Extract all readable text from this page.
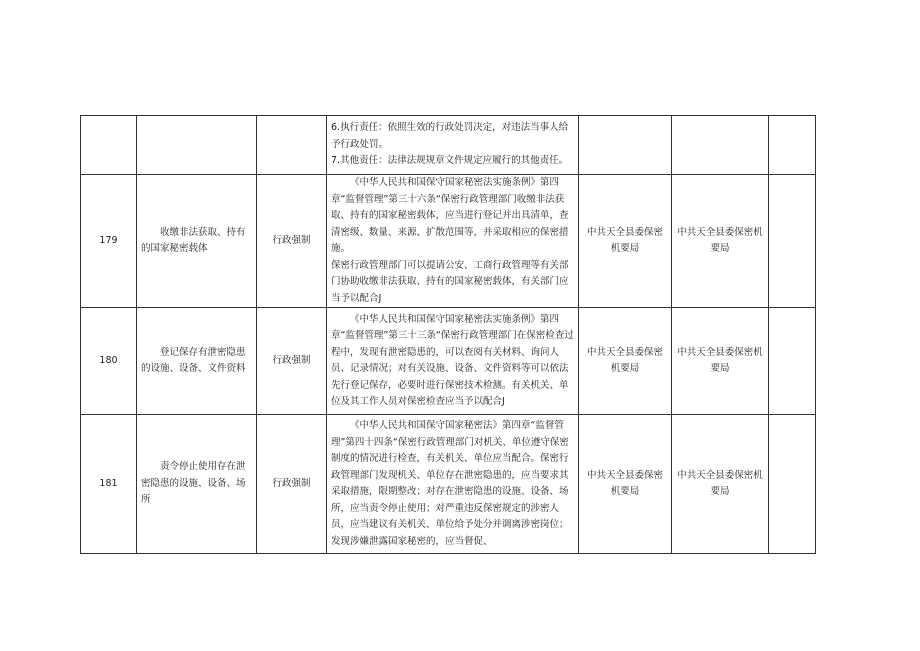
			6.执行责任：依照生效的行政处罚决定，对违法当事人给予行政处罚。
7.其他责任：法律法规规章文件规定应履行的其他责任。			

179	收缴非法获取、持有的国家秘密载体	行政强制	《中华人民共和国保守国家秘密法实施条例》第四章“监督管理”第三十六条“保密行政管理部门收缴非法获取、持有的国家秘密载体，应当进行登记并出具清单，查清密级、数量、来源、扩散范围等，并采取相应的保密措施。
保密行政管理部门可以提请公安、工商行政管理等有关部门协助收缴非法获取、持有的国家秘密载体，有关部门应当予以配合J	中共天全县委保密机要局	中共天全县委保密机要局	
180	登记保存有泄密隐患的设施、设备、文件资料	行政强制	《中华人民共和国保守国家秘密法实施条例》第四章“监督管理”第三十三条“保密行政管理部门在保密检查过程中，发现有泄密隐患的，可以查阅有关材料、询问人员、记录情况；对有关设施、设备、文件资料等可以依法先行登记保存，必要时进行保密技术检测。有关机关、单位及其工作人员对保密检查应当予以配合J	中共天全县委保密机要局	中共天全县委保密机要局	
181	责令停止使用存在泄密隐患的设施、设备、场所	行政强制	《中华人民共和国保守国家秘密法》第四章“监督管理”第四十四条“保密行政管理部门对机关、单位遵守保密制度的情况进行检查，有关机关、单位应当配合。保密行政管理部门发现机关、单位存在泄密隐患的，应当要求其采取措施，限期整改；对存在泄密隐患的设施、设备、场所，应当责令停止使用；对严重违反保密规定的涉密人员，应当建议有关机关、单位给予处分并调离涉密岗位；发现涉嫌泄露国家秘密的，应当督促、	中共天全县委保密机要局	中共天全县委保密机要局	
